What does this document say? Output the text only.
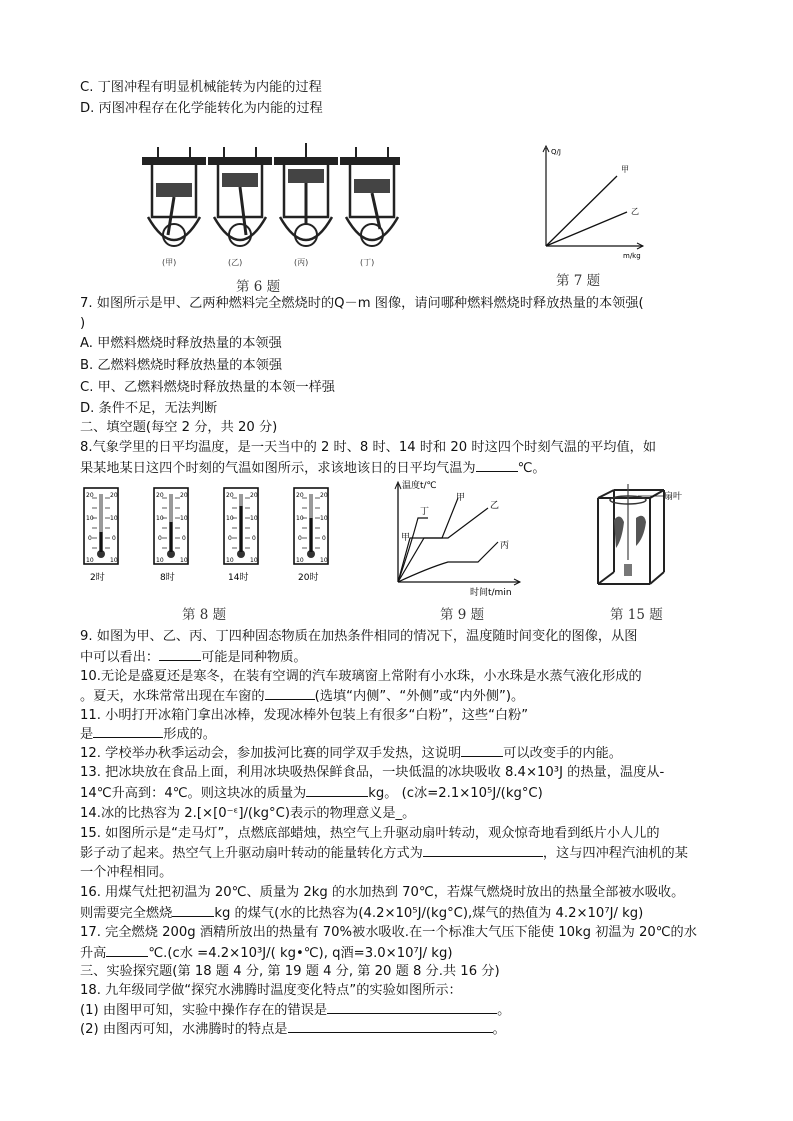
C. 丁图冲程有明显机械能转为内能的过程
D. 丙图冲程存在化学能转化为内能的过程
(甲)	(乙)	(丙)	(丁)
第 6 题
Q/J
m/kg
甲
乙
第 7 题
7. 如图所示是甲、乙两种燃料完全燃烧时的Q－m 图像，请问哪种燃料燃烧时释放热量的本领强(
)
A. 甲燃料燃烧时释放热量的本领强
B. 乙燃料燃烧时释放热量的本领强
C. 甲、乙燃料燃烧时释放热量的本领一样强
D. 条件不足，无法判断
二、填空题(每空 2 分，共 20 分)
8.气象学里的日平均温度，是一天当中的 2 时、8 时、14 时和 20 时这四个时刻气温的平均值，如
果某地某日这四个时刻的气温如图所示，求该地该日的日平均气温为	℃。
2时	8时	14时	20时
第 8 题
温度t/℃
时间t/min
甲
乙
丙
丁
甲
第 9 题
扇叶
第 15 题
9. 如图为甲、乙、丙、丁四种固态物质在加热条件相同的情况下，温度随时间变化的图像，从图
中可以看出：	可能是同种物质。
10.无论是盛夏还是寒冬，在装有空调的汽车玻璃窗上常附有小水珠，小水珠是水蒸气液化形成的
。夏天，水珠常常出现在车窗的	(选填“内侧”、“外侧”或“内外侧”)。
11. 小明打开冰箱门拿出冰棒，发现冰棒外包装上有很多“白粉”，这些“白粉”
是	形成的。
12. 学校举办秋季运动会，参加拔河比赛的同学双手发热，这说明	可以改变手的内能。
13. 把冰块放在食品上面，利用冰块吸热保鲜食品，一块低温的冰块吸收 8.4×10³J 的热量，温度从-
14℃升高到：4℃。则这块冰的质量为	kg。 (c冰=2.1×10⁵J/(kg°C)
14.冰的比热容为 2.[×[0⁻ᵋ]/(kg°C)表示的物理意义是_。
15. 如图所示是“走马灯”，点燃底部蜡烛，热空气上升驱动扇叶转动，观众惊奇地看到纸片小人儿的
影子动了起来。热空气上升驱动扇叶转动的能量转化方式为	，这与四冲程汽油机的某
一个冲程相同。
16. 用煤气灶把初温为 20℃、质量为 2kg 的水加热到 70℃，若煤气燃烧时放出的热量全部被水吸收。
则需要完全燃烧	kg 的煤气(水的比热容为(4.2×10⁵J/(kg°C),煤气的热值为 4.2×10⁷J/ kg)
17. 完全燃烧 200g 酒精所放出的热量有 70%被水吸收.在一个标准大气压下能使 10kg 初温为 20℃的水
升高	℃.(c水 =4.2×10³J/( kg•℃), q酒=3.0×10⁷J/ kg)
三、实验探究题(第 18 题 4 分, 第 19 题 4 分, 第 20 题 8 分.共 16 分)
18. 九年级同学做“探究水沸腾时温度变化特点”的实验如图所示：
(1) 由图甲可知，实验中操作存在的错误是	。
(2) 由图丙可知，水沸腾时的特点是	。
